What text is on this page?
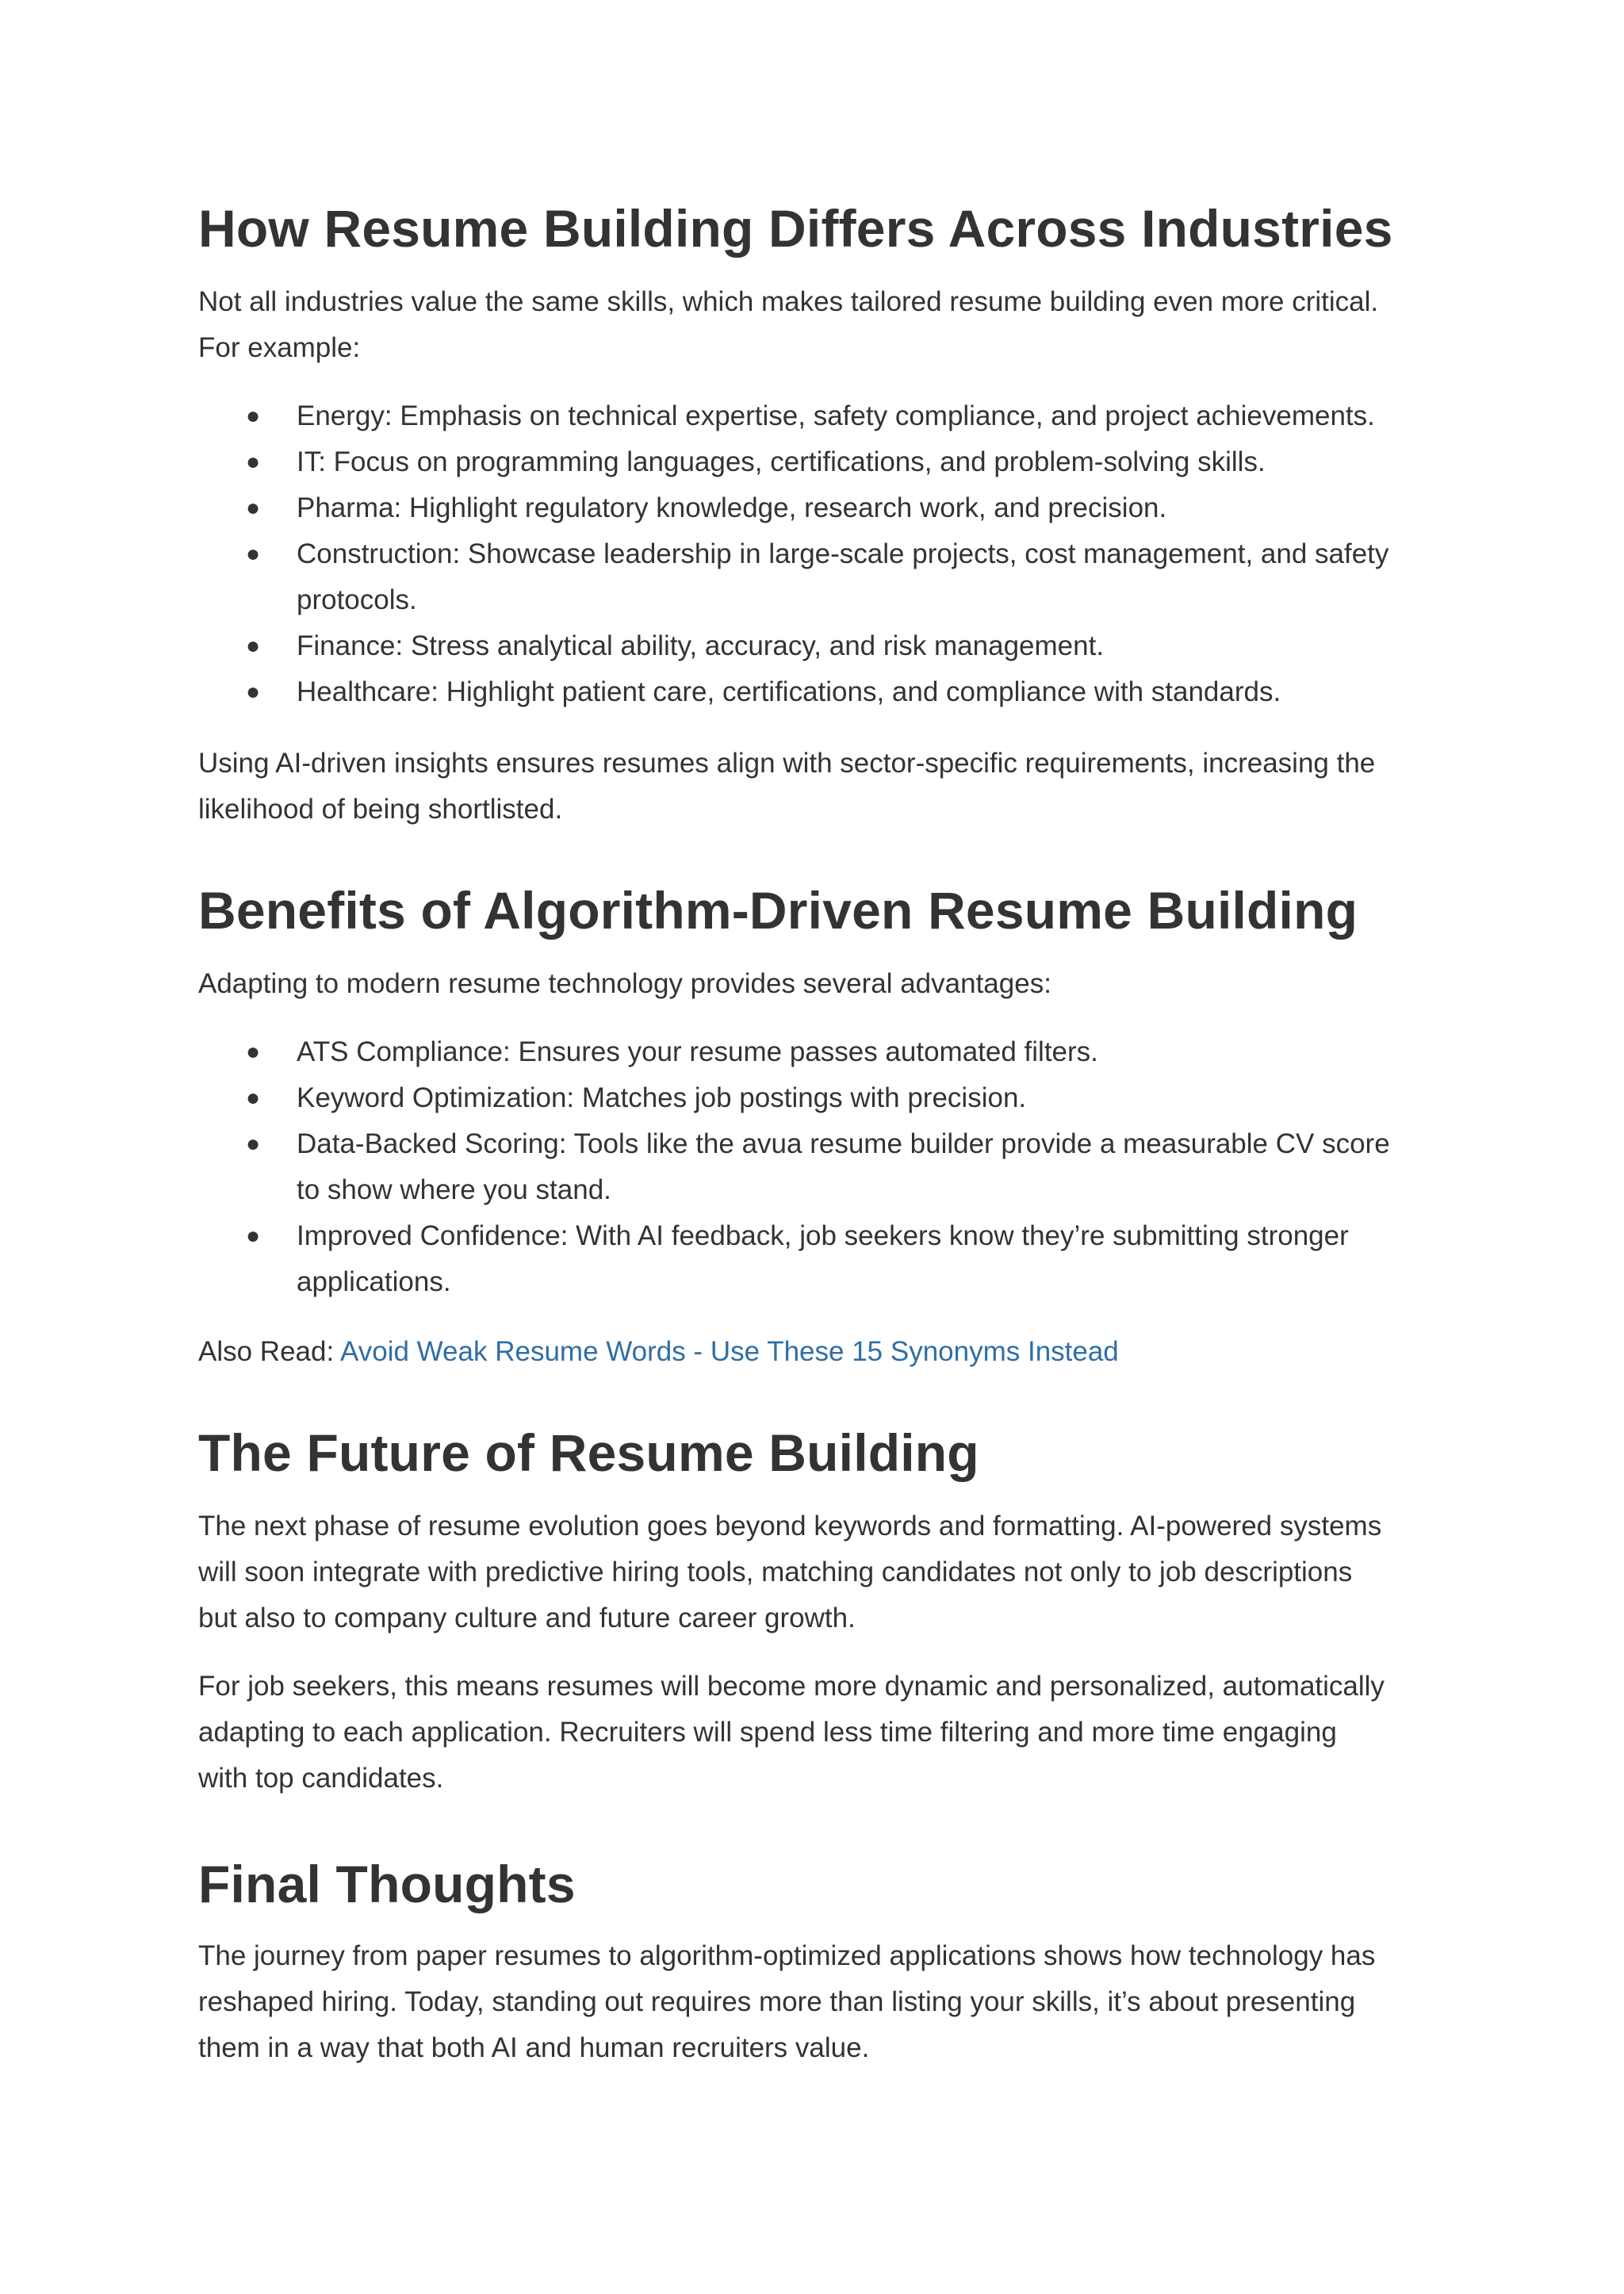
How Resume Building Differs Across Industries

Not all industries value the same skills, which makes tailored resume building even more critical.
For example:

● Energy: Emphasis on technical expertise, safety compliance, and project achievements.
● IT: Focus on programming languages, certifications, and problem-solving skills.
● Pharma: Highlight regulatory knowledge, research work, and precision.
● Construction: Showcase leadership in large-scale projects, cost management, and safety
protocols.
● Finance: Stress analytical ability, accuracy, and risk management.
● Healthcare: Highlight patient care, certifications, and compliance with standards.

Using AI-driven insights ensures resumes align with sector-specific requirements, increasing the
likelihood of being shortlisted.

Benefits of Algorithm-Driven Resume Building

Adapting to modern resume technology provides several advantages:

● ATS Compliance: Ensures your resume passes automated filters.
● Keyword Optimization: Matches job postings with precision.
● Data-Backed Scoring: Tools like the avua resume builder provide a measurable CV score
to show where you stand.
● Improved Confidence: With AI feedback, job seekers know they’re submitting stronger
applications.

Also Read: Avoid Weak Resume Words - Use These 15 Synonyms Instead

The Future of Resume Building

The next phase of resume evolution goes beyond keywords and formatting. AI-powered systems
will soon integrate with predictive hiring tools, matching candidates not only to job descriptions
but also to company culture and future career growth.

For job seekers, this means resumes will become more dynamic and personalized, automatically
adapting to each application. Recruiters will spend less time filtering and more time engaging
with top candidates.

Final Thoughts

The journey from paper resumes to algorithm-optimized applications shows how technology has
reshaped hiring. Today, standing out requires more than listing your skills, it’s about presenting
them in a way that both AI and human recruiters value.
